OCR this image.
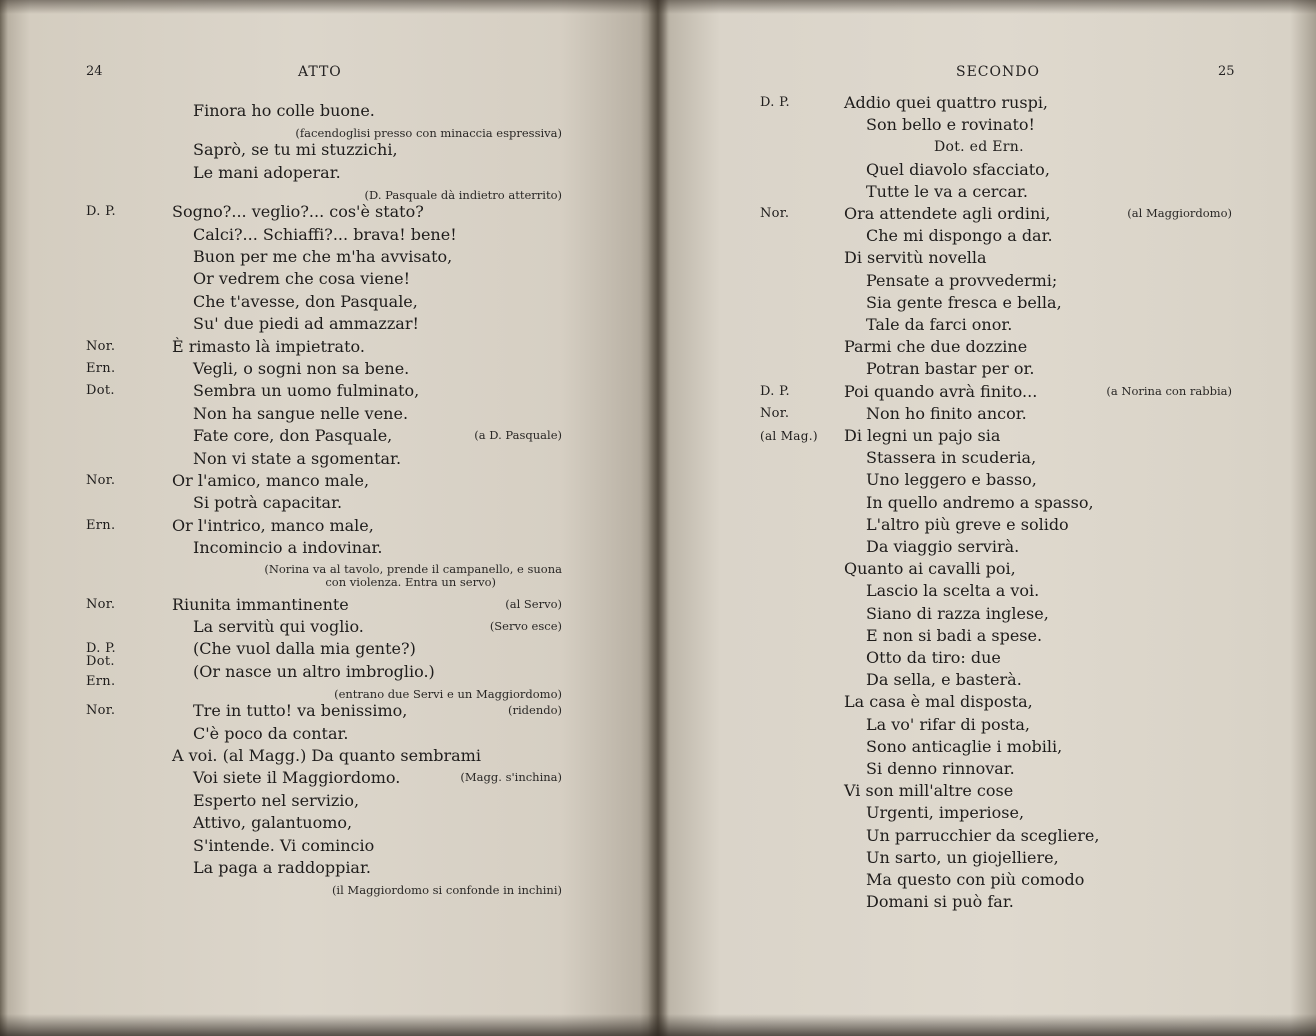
24	ATTO
Finora ho colle buone.
(facendoglisi presso con minaccia espressiva)
Saprò, se tu mi stuzzichi,
Le mani adoperar.
(D. Pasquale dà indietro atterrito)
D. P.	Sogno?... veglio?... cos'è stato?
Calci?... Schiaffi?... brava! bene!
Buon per me che m'ha avvisato,
Or vedrem che cosa viene!
Che t'avesse, don Pasquale,
Su' due piedi ad ammazzar!
Nor.	È rimasto là impietrato.
Ern.	Vegli, o sogni non sa bene.
Dot.	Sembra un uomo fulminato,
Non ha sangue nelle vene.
Fate core, don Pasquale,	(a D. Pasquale)
Non vi state a sgomentar.
Nor.	Or l'amico, manco male,
Si potrà capacitar.
Ern.	Or l'intrico, manco male,
Incomincio a indovinar.
(Norina va al tavolo, prende il campanello, e suona
con violenza. Entra un servo)
Nor.	Riunita immantinente	(al Servo)
La servitù qui voglio.	(Servo esce)
D. P.	(Che vuol dalla mia gente?)
Dot.
Ern.
(Or nasce un altro imbroglio.)
(entrano due Servi e un Maggiordomo)
Nor.	Tre in tutto! va benissimo,	(ridendo)
C'è poco da contar.
A voi. (al Magg.) Da quanto sembrami
Voi siete il Maggiordomo.	(Magg. s'inchina)
Esperto nel servizio,
Attivo, galantuomo,
S'intende. Vi comincio
La paga a raddoppiar.
(il Maggiordomo si confonde in inchini)
SECONDO	25
D. P.	Addio quei quattro ruspi,
Son bello e rovinato!
Dot. ed Ern.
Quel diavolo sfacciato,
Tutte le va a cercar.
Nor.	Ora attendete agli ordini,	(al Maggiordomo)
Che mi dispongo a dar.
Di servitù novella
Pensate a provvedermi;
Sia gente fresca e bella,
Tale da farci onor.
Parmi che due dozzine
Potran bastar per or.
D. P.	Poi quando avrà finito...	(a Norina con rabbia)
Nor.	Non ho finito ancor.
(al Mag.) Di legni un pajo sia
Stassera in scuderia,
Uno leggero e basso,
In quello andremo a spasso,
L'altro più greve e solido
Da viaggio servirà.
Quanto ai cavalli poi,
Lascio la scelta a voi.
Siano di razza inglese,
E non si badi a spese.
Otto da tiro: due
Da sella, e basterà.
La casa è mal disposta,
La vo' rifar di posta,
Sono anticaglie i mobili,
Si denno rinnovar.
Vi son mill'altre cose
Urgenti, imperiose,
Un parrucchier da scegliere,
Un sarto, un giojelliere,
Ma questo con più comodo
Domani si può far.
